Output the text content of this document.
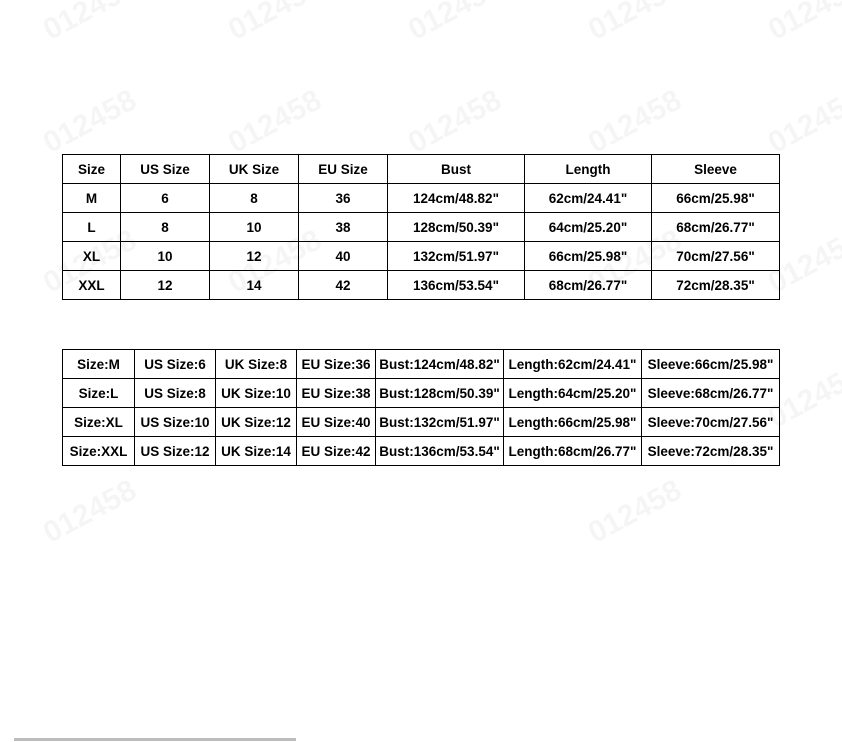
Size	US Size	UK Size	EU Size	Bust	Length	Sleeve
M	6	8	36	124cm/48.82"	62cm/24.41"	66cm/25.98"
L	8	10	38	128cm/50.39"	64cm/25.20"	68cm/26.77"
XL	10	12	40	132cm/51.97"	66cm/25.98"	70cm/27.56"
XXL	12	14	42	136cm/53.54"	68cm/26.77"	72cm/28.35"
Size:M	US Size:6	UK Size:8	EU Size:36	Bust:124cm/48.82"	Length:62cm/24.41"	Sleeve:66cm/25.98"
Size:L	US Size:8	UK Size:10	EU Size:38	Bust:128cm/50.39"	Length:64cm/25.20"	Sleeve:68cm/26.77"
Size:XL	US Size:10	UK Size:12	EU Size:40	Bust:132cm/51.97"	Length:66cm/25.98"	Sleeve:70cm/27.56"
Size:XXL	US Size:12	UK Size:14	EU Size:42	Bust:136cm/53.54"	Length:68cm/26.77"	Sleeve:72cm/28.35"
